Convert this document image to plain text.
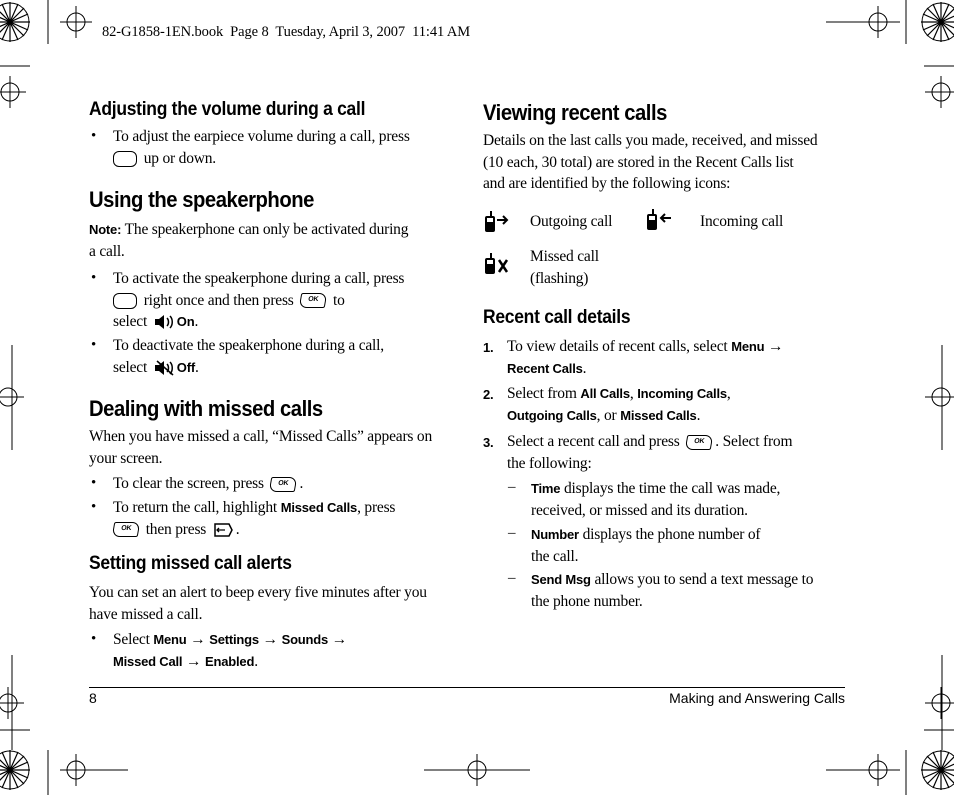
82-G1858-1EN.book  Page 8  Tuesday, April 3, 2007  11:41 AM
Adjusting the volume during a call
• To adjust the earpiece volume during a call, press
up or down.
Using the speakerphone
Note: The speakerphone can only be activated during
a call.
• To activate the speakerphone during a call, press
right once and then press OK to
select On.
• To deactivate the speakerphone during a call,
select Off.
Dealing with missed calls
When you have missed a call, “Missed Calls” appears on
your screen.
• To clear the screen, press OK .
• To return the call, highlight Missed Calls, press
OK then press .
Setting missed call alerts
You can set an alert to beep every five minutes after you
have missed a call.
• Select Menu → Settings → Sounds →
Missed Call → Enabled.
Viewing recent calls
Details on the last calls you made, received, and missed
(10 each, 30 total) are stored in the Recent Calls list
and are identified by the following icons:
Outgoing call	Incoming call
Missed call
(flashing)
Recent call details
1. To view details of recent calls, select Menu →
Recent Calls.
2. Select from All Calls, Incoming Calls,
Outgoing Calls, or Missed Calls.
3. Select a recent call and press OK . Select from
the following:
– Time displays the time the call was made,
received, or missed and its duration.
– Number displays the phone number of
the call.
– Send Msg allows you to send a text message to
the phone number.
8	Making and Answering Calls
